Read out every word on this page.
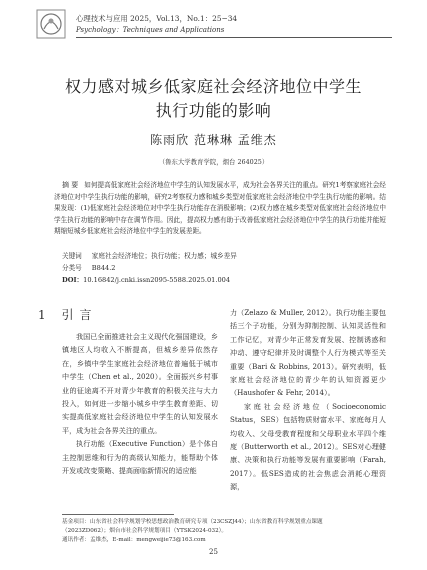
心理技术与应用 2025，Vol.13，No.1：25−34
Psychology：Techniques and Applications
权力感对城乡低家庭社会经济地位中学生
执行功能的影响
陈雨欣 范琳琳 孟维杰
（鲁东大学教育学院，烟台 264025）
摘 要 如何提高低家庭社会经济地位中学生的认知发展水平，成为社会各界关注的重点。研究1考察家庭社会经济地位对中学生执行功能的影响，研究2考察权力感和城乡类型对低家庭社会经济地位中学生执行功能的影响。结果发现：(1)低家庭社会经济地位对中学生执行功能存在消极影响；(2)权力感在城乡类型对低家庭社会经济地位中学生执行功能的影响中存在调节作用。因此，提高权力感有助于改善低家庭社会经济地位中学生的执行功能并能短期缩短城乡低家庭社会经济地位中学生的发展差距。
关键词 家庭社会经济地位；执行功能；权力感；城乡差异
分类号 B844.2
DOI：10.16842/j.cnki.issn2095-5588.2025.01.004
1 引言

我国已全面推进社会主义现代化强国建设，乡镇地区人均收入不断提高，但城乡差异依然存在，乡镇中学生家庭社会经济地位普遍低于城市中学生（Chen et al., 2020）。全面振兴乡村事业的征途离不开对青少年教育的积极关注与大力投入，如何进一步缩小城乡中学生教育差距、切实提高低家庭社会经济地位中学生的认知发展水平，成为社会各界关注的重点。

执行功能（Executive Function）是个体自主控制思维和行为的高级认知能力，能帮助个体开发或改变策略、提高面临新情况的适应能

力（Zelazo & Muller, 2012）。执行功能主要包括三个子功能，分别为抑制控制、认知灵活性和工作记忆，对青少年正常发育发展、控制诱惑和冲动、遵守纪律并及时调整个人行为模式等至关重要（Bari & Robbins, 2013）。研究表明，低家庭社会经济地位的青少年的认知资源更少（Haushofer & Fehr, 2014）。

家庭社会经济地位（Socioeconomic Status，SES）包括物质财富水平、家庭每月人均收入、父母受教育程度和父母职业水平四个维度（Butterworth et al., 2012）。SES对心理健康、决策和执行功能等发展有重要影响（Farah, 2017）。低SES造成的社会焦虑会消耗心理资源，

基金项目：山东省社会科学规划学校思想政治教育研究专项（23CSZJ44）；山东省教育科学规划重点课题
（2023ZD062）；烟台市社会科学规划项目（YTSK2024-032）。
通讯作者：孟维杰，E-mail：mengweijie73@163.com
25
